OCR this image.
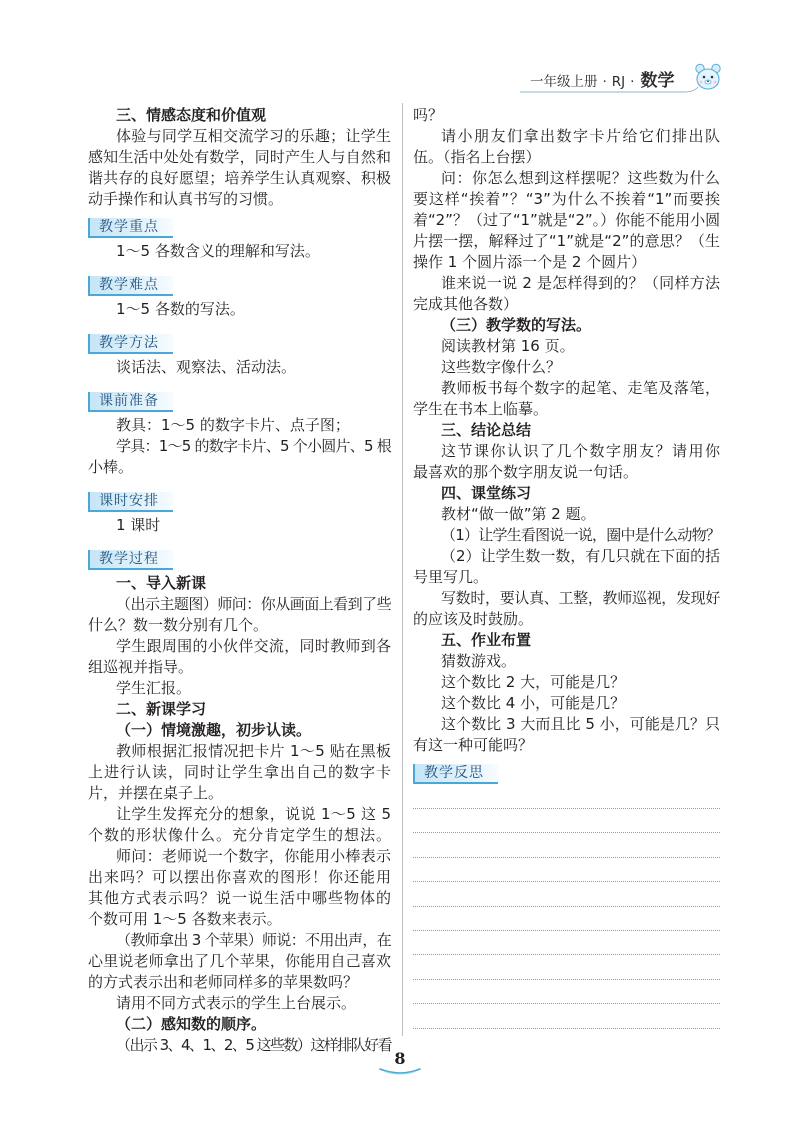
一年级上册 · RJ · 数学
三、情感态度和价值观
体验与同学互相交流学习的乐趣；让学生
感知生活中处处有数学，同时产生人与自然和
谐共存的良好愿望；培养学生认真观察、积极
动手操作和认真书写的习惯。
教学重点
1～5 各数含义的理解和写法。
教学难点
1～5 各数的写法。
教学方法
谈话法、观察法、活动法。
课前准备
教具：1～5 的数字卡片、点子图；
学具：1～5 的数字卡片、5 个小圆片、5 根
小棒。
课时安排
1 课时
教学过程
一、导入新课
（出示主题图）师问：你从画面上看到了些
什么？数一数分别有几个。
学生跟周围的小伙伴交流，同时教师到各
组巡视并指导。
学生汇报。
二、新课学习
（一）情境激趣，初步认读。
教师根据汇报情况把卡片 1～5 贴在黑板
上进行认读，同时让学生拿出自己的数字卡
片，并摆在桌子上。
让学生发挥充分的想象，说说 1～5 这 5
个数的形状像什么。充分肯定学生的想法。
师问：老师说一个数字，你能用小棒表示
出来吗？可以摆出你喜欢的图形！你还能用
其他方式表示吗？说一说生活中哪些物体的
个数可用 1～5 各数来表示。
（教师拿出 3 个苹果）师说：不用出声，在
心里说老师拿出了几个苹果，你能用自己喜欢
的方式表示出和老师同样多的苹果数吗？
请用不同方式表示的学生上台展示。
（二）感知数的顺序。
（出示 3、4、1、2、5 这些数）这样排队好看
吗？
请小朋友们拿出数字卡片给它们排出队
伍。（指名上台摆）
问：你怎么想到这样摆呢？这些数为什么
要这样“挨着”？“3”为什么不挨着“1”而要挨
着“2”？（过了“1”就是“2”。）你能不能用小圆
片摆一摆，解释过了“1”就是“2”的意思？（生
操作 1 个圆片添一个是 2 个圆片）
谁来说一说 2 是怎样得到的？（同样方法
完成其他各数）
（三）教学数的写法。
阅读教材第 16 页。
这些数字像什么？
教师板书每个数字的起笔、走笔及落笔，
学生在书本上临摹。
三、结论总结
这节课你认识了几个数字朋友？请用你
最喜欢的那个数字朋友说一句话。
四、课堂练习
教材“做一做”第 2 题。
（1）让学生看图说一说，圈中是什么动物？
（2）让学生数一数，有几只就在下面的括
号里写几。
写数时，要认真、工整，教师巡视，发现好
的应该及时鼓励。
五、作业布置
猜数游戏。
这个数比 2 大，可能是几？
这个数比 4 小，可能是几？
这个数比 3 大而且比 5 小，可能是几？只
有这一种可能吗？
教学反思
8
